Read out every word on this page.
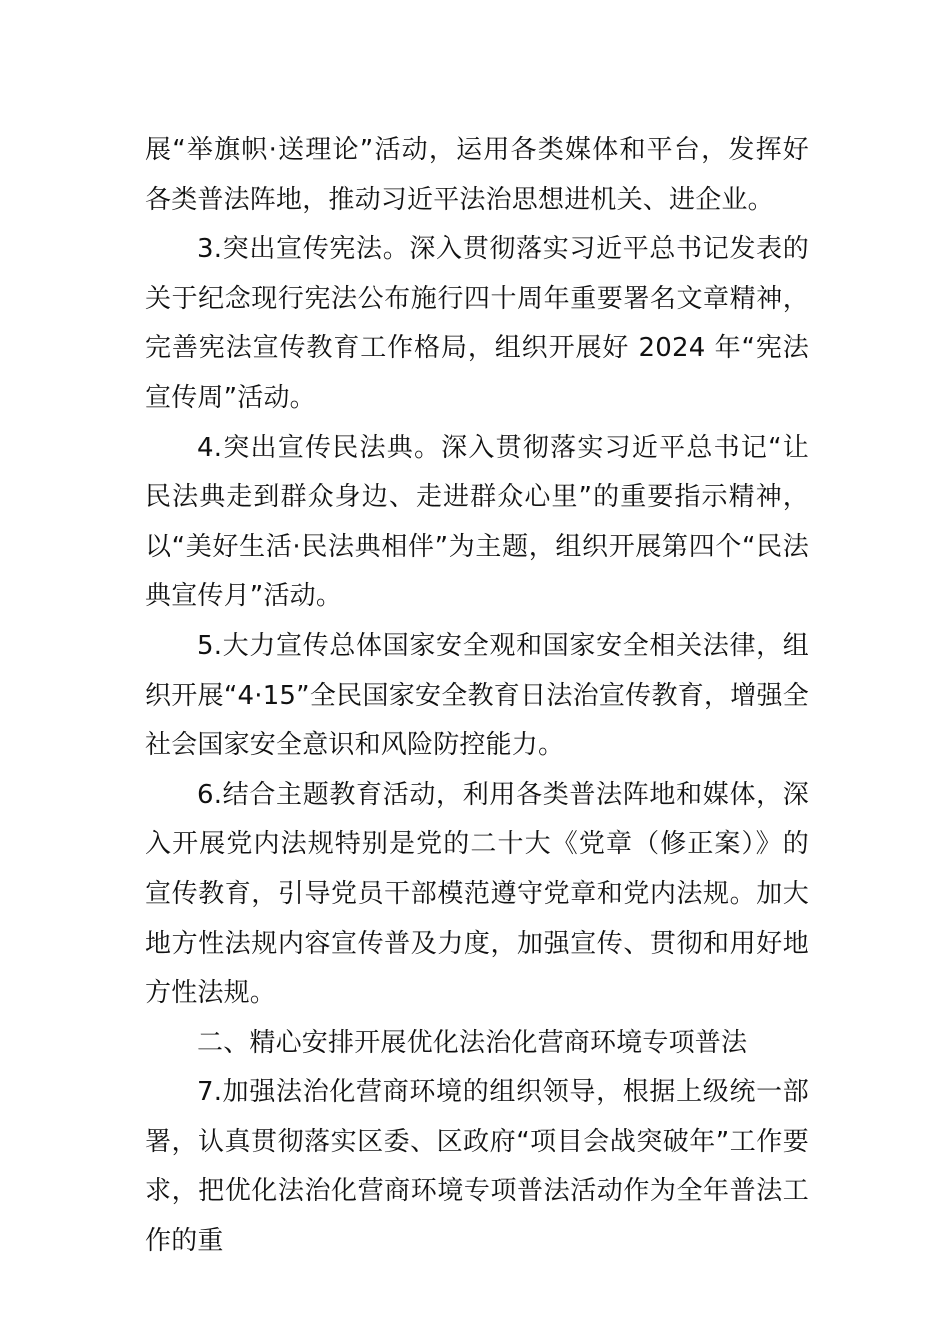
展“举旗帜·送理论”活动，运用各类媒体和平台，发挥好各类普法阵地，推动习近平法治思想进机关、进企业。

3.突出宣传宪法。深入贯彻落实习近平总书记发表的关于纪念现行宪法公布施行四十周年重要署名文章精神，完善宪法宣传教育工作格局，组织开展好 2024 年“宪法宣传周”活动。

4.突出宣传民法典。深入贯彻落实习近平总书记“让民法典走到群众身边、走进群众心里”的重要指示精神，以“美好生活·民法典相伴”为主题，组织开展第四个“民法典宣传月”活动。

5.大力宣传总体国家安全观和国家安全相关法律，组织开展“4·15”全民国家安全教育日法治宣传教育，增强全社会国家安全意识和风险防控能力。

6.结合主题教育活动，利用各类普法阵地和媒体，深入开展党内法规特别是党的二十大《党章（修正案）》的宣传教育，引导党员干部模范遵守党章和党内法规。加大地方性法规内容宣传普及力度，加强宣传、贯彻和用好地方性法规。

二、精心安排开展优化法治化营商环境专项普法

7.加强法治化营商环境的组织领导，根据上级统一部署，认真贯彻落实区委、区政府“项目会战突破年”工作要求，把优化法治化营商环境专项普法活动作为全年普法工作的重
